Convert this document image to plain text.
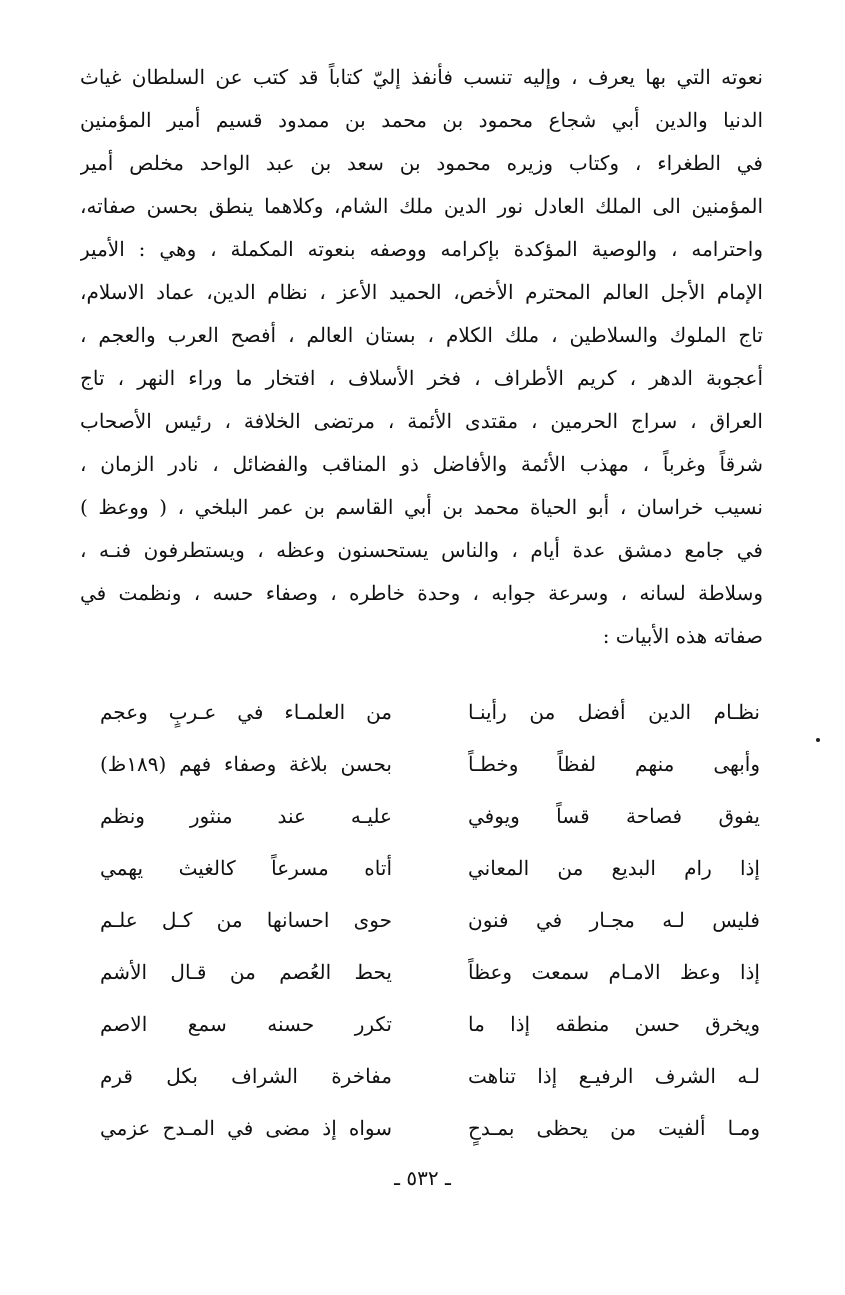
نعوته التي بها يعرف ، وإليه تنسب فأنفذ إليّ كتاباً قد كتب عن السلطان غياث
الدنيا والدين أبي شجاع محمود بن محمد بن ممدود قسيم أمير المؤمنين
في الطغراء ، وكتاب وزيره محمود بن سعد بن عبد الواحد مخلص أمير
المؤمنين الى الملك العادل نور الدين ملك الشام، وكلاهما ينطق بحسن صفاته،
واحترامه ، والوصية المؤكدة بإكرامه ووصفه بنعوته المكملة ، وهي : الأمير
الإمام الأجل العالم المحترم الأخص، الحميد الأعز ، نظام الدين، عماد الاسلام،
تاج الملوك والسلاطين ، ملك الكلام ، بستان العالم ، أفصح العرب والعجم ،
أعجوبة الدهر ، كريم الأطراف ، فخر الأسلاف ، افتخار ما وراء النهر ، تاج
العراق ، سراج الحرمين ، مقتدى الأئمة ، مرتضى الخلافة ، رئيس الأصحاب
شرقاً وغرباً ، مهذب الأئمة والأفاضل ذو المناقب والفضائل ، نادر الزمان ،
نسيب خراسان ، أبو الحياة محمد بن أبي القاسم بن عمر البلخي ، ( ووعظ )
في جامع دمشق عدة أيام ، والناس يستحسنون وعظه ، ويستطرفون فنـه ،
وسلاطة لسانه ، وسرعة جوابه ، وحدة خاطره ، وصفاء حسه ، ونظمت في
صفاته هذه الأبيات :
نظـام الدين أفضل من رأينـا
من العلمـاء في عـربٍ وعجم
وأبهى منهم لفظاً وخطـاً
بحسن بلاغة وصفاء فهم (١٨٩ظ)
يفوق فصاحة قساً ويوفي
عليـه عند منثور ونظم
إذا رام البديع من المعاني
أتاه مسرعاً كالغيث يهمي
فليس لـه مجـار في فنون
حوى احسانها من كـل علـم
إذا وعظ الامـام سمعت وعظاً
يحط العُصم من قـال الأشم
ويخرق حسن منطقه إذا ما
تكرر حسنه سمع الاصم
لـه الشرف الرفيـع إذا تناهت
مفاخرة الشراف بكل قرم
ومـا ألفيت من يحظى بمـدحٍ
سواه إذ مضى في المـدح عزمي
ـ ٥٣٢ ـ
